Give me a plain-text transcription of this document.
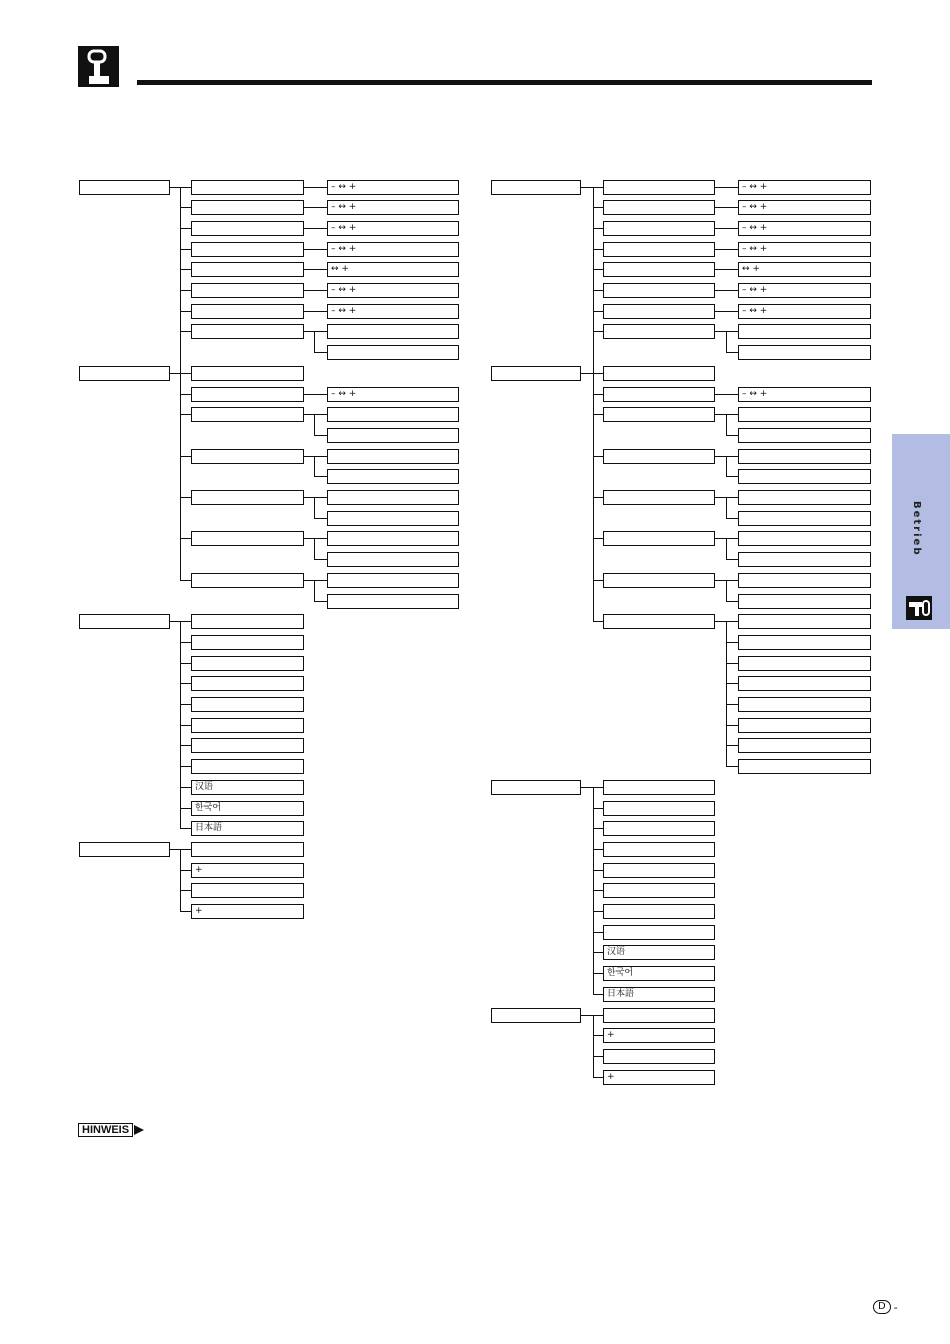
– ↔ +
– ↔ +
– ↔ +
– ↔ +
↔ +
– ↔ +
– ↔ +
– ↔ +
汉语
한국어
日本語
+
+
– ↔ +
– ↔ +
– ↔ +
– ↔ +
↔ +
– ↔ +
– ↔ +
– ↔ +
汉语
한국어
日本語
+
+
Betrieb
HINWEIS
D -
